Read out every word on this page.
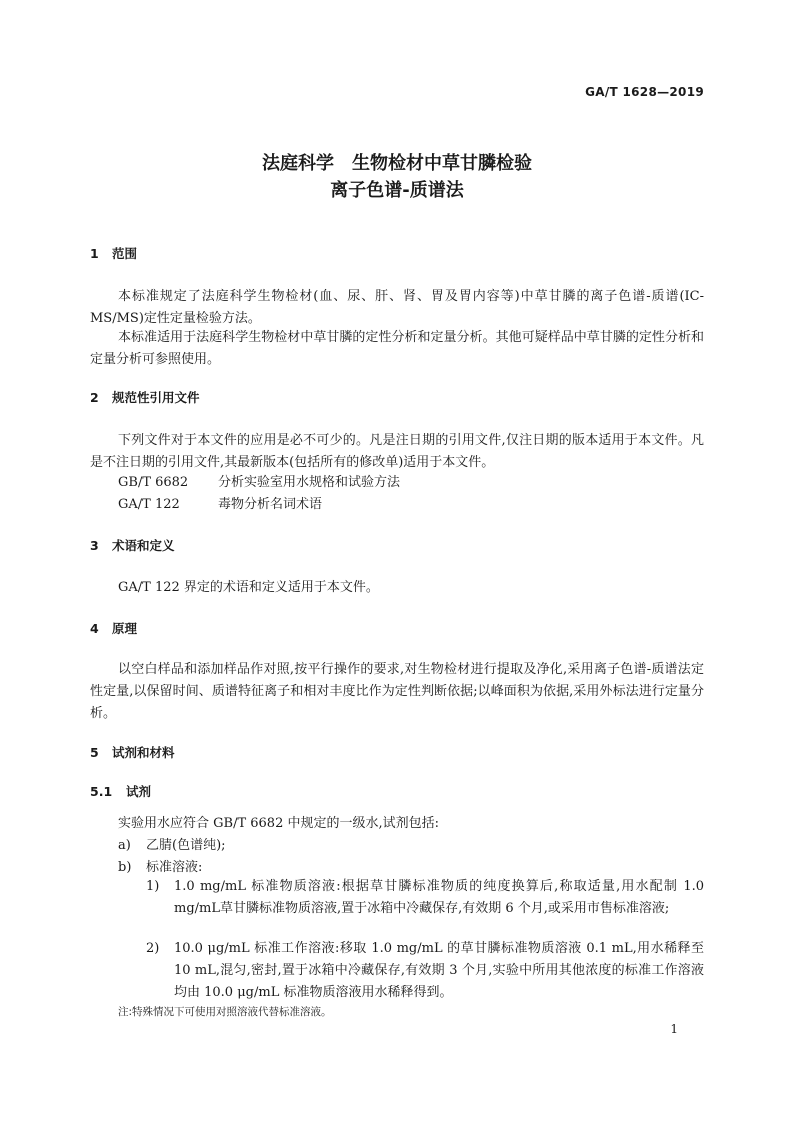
GA/T 1628—2019
法庭科学　生物检材中草甘膦检验
离子色谱-质谱法
1 范围
本标准规定了法庭科学生物检材(血、尿、肝、肾、胃及胃内容等)中草甘膦的离子色谱-质谱(IC-MS/MS)定性定量检验方法。
本标准适用于法庭科学生物检材中草甘膦的定性分析和定量分析。其他可疑样品中草甘膦的定性分析和定量分析可参照使用。
2 规范性引用文件
下列文件对于本文件的应用是必不可少的。凡是注日期的引用文件,仅注日期的版本适用于本文件。凡是不注日期的引用文件,其最新版本(包括所有的修改单)适用于本文件。
GB/T 6682 分析实验室用水规格和试验方法
GA/T 122	毒物分析名词术语
3 术语和定义
GA/T 122 界定的术语和定义适用于本文件。
4 原理
以空白样品和添加样品作对照,按平行操作的要求,对生物检材进行提取及净化,采用离子色谱-质谱法定性定量,以保留时间、质谱特征离子和相对丰度比作为定性判断依据;以峰面积为依据,采用外标法进行定量分析。
5 试剂和材料
5.1 试剂
实验用水应符合 GB/T 6682 中规定的一级水,试剂包括:
a) 乙腈(色谱纯);
b) 标准溶液:
1)	1.0 mg/mL 标准物质溶液:根据草甘膦标准物质的纯度换算后,称取适量,用水配制 1.0 mg/mL草甘膦标准物质溶液,置于冰箱中冷藏保存,有效期 6 个月,或采用市售标准溶液;
2)	10.0 μg/mL 标准工作溶液:移取 1.0 mg/mL 的草甘膦标准物质溶液 0.1 mL,用水稀释至 10 mL,混匀,密封,置于冰箱中冷藏保存,有效期 3 个月,实验中所用其他浓度的标准工作溶液均由 10.0 μg/mL 标准物质溶液用水稀释得到。
注:特殊情况下可使用对照溶液代替标准溶液。
1
